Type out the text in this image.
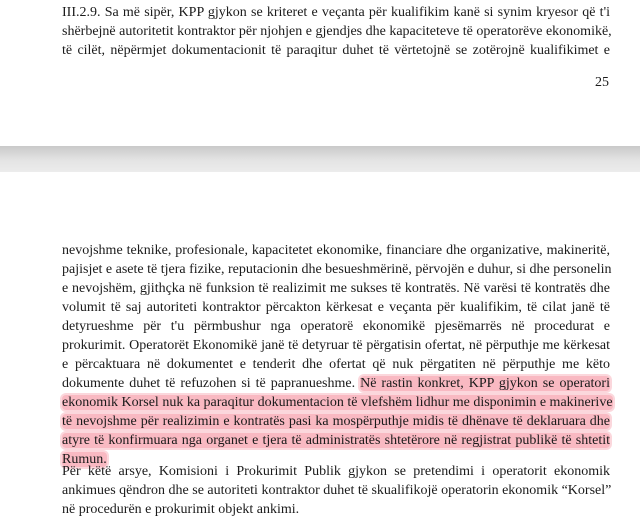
III.2.9. Sa më sipër, KPP gjykon se kriteret e veçanta për kualifikim kanë si synim kryesor që t'i
shërbejnë autoritetit kontraktor për njohjen e gjendjes dhe kapaciteteve të operatorëve ekonomikë,
të cilët, nëpërmjet dokumentacionit të paraqitur duhet të vërtetojnë se zotërojnë kualifikimet e

25

nevojshme teknike, profesionale, kapacitetet ekonomike, financiare dhe organizative, makineritë,
pajisjet e asete të tjera fizike, reputacionin dhe besueshmërinë, përvojën e duhur, si dhe personelin
e nevojshëm, gjithçka në funksion të realizimit me sukses të kontratës. Në varësi të kontratës dhe
volumit të saj autoriteti kontraktor përcakton kërkesat e veçanta për kualifikim, të cilat janë të
detyrueshme për t'u përmbushur nga operatorë ekonomikë pjesëmarrës në procedurat e
prokurimit. Operatorët Ekonomikë janë të detyruar të përgatisin ofertat, në përputhje me kërkesat
e përcaktuara në dokumentet e tenderit dhe ofertat që nuk përgatiten në përputhje me këto
dokumente duhet të refuzohen si të papranueshme. Në rastin konkret, KPP gjykon se operatori
ekonomik Korsel nuk ka paraqitur dokumentacion të vlefshëm lidhur me disponimin e makinerive
të nevojshme për realizimin e kontratës pasi ka mospërputhje midis të dhënave të deklaruara dhe
atyre të konfirmuara nga organet e tjera të administratës shtetërore në regjistrat publikë të shtetit
Rumun.

Për këtë arsye, Komisioni i Prokurimit Publik gjykon se pretendimi i operatorit ekonomik
ankimues qëndron dhe se autoriteti kontraktor duhet të skualifikojë operatorin ekonomik “Korsel”
në procedurën e prokurimit objekt ankimi.
